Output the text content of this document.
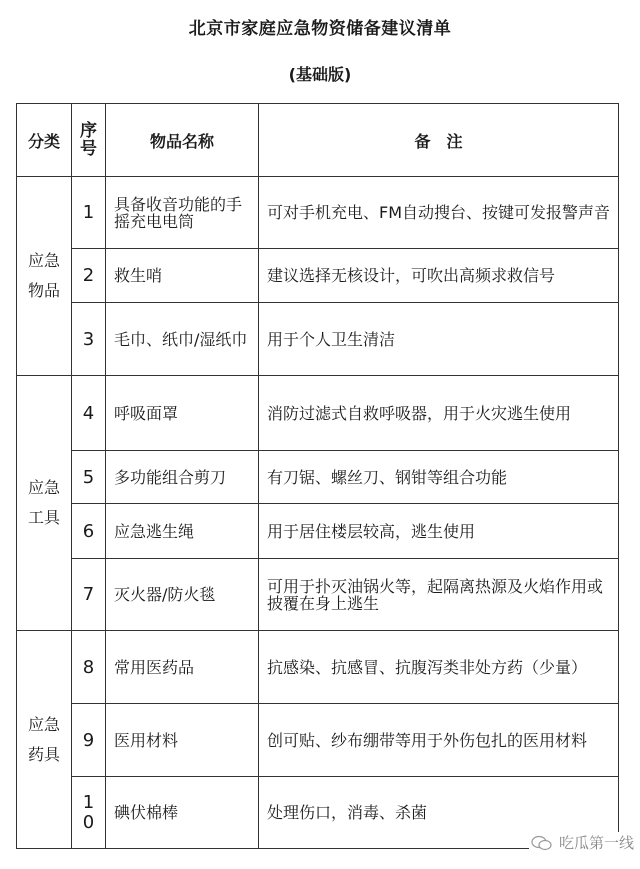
北京市家庭应急物资储备建议清单
(基础版)
分类	序号	物品名称	备　注

应急
物品	1	具备收音功能的手摇充电电筒	可对手机充电、FM自动搜台、按键可发报警声音
	2	救生哨	建议选择无核设计，可吹出高频求救信号
	3	毛巾、纸巾/湿纸巾	用于个人卫生清洁

应急
工具	4	呼吸面罩	消防过滤式自救呼吸器，用于火灾逃生使用
	5	多功能组合剪刀	有刀锯、螺丝刀、钢钳等组合功能
	6	应急逃生绳	用于居住楼层较高，逃生使用
	7	灭火器/防火毯	可用于扑灭油锅火等，起隔离热源及火焰作用或披覆在身上逃生

应急
药具	8	常用医药品	抗感染、抗感冒、抗腹泻类非处方药（少量）
	9	医用材料	创可贴、纱布绷带等用于外伤包扎的医用材料

	10	碘伏棉棒	处理伤口，消毒、杀菌
吃瓜第一线
